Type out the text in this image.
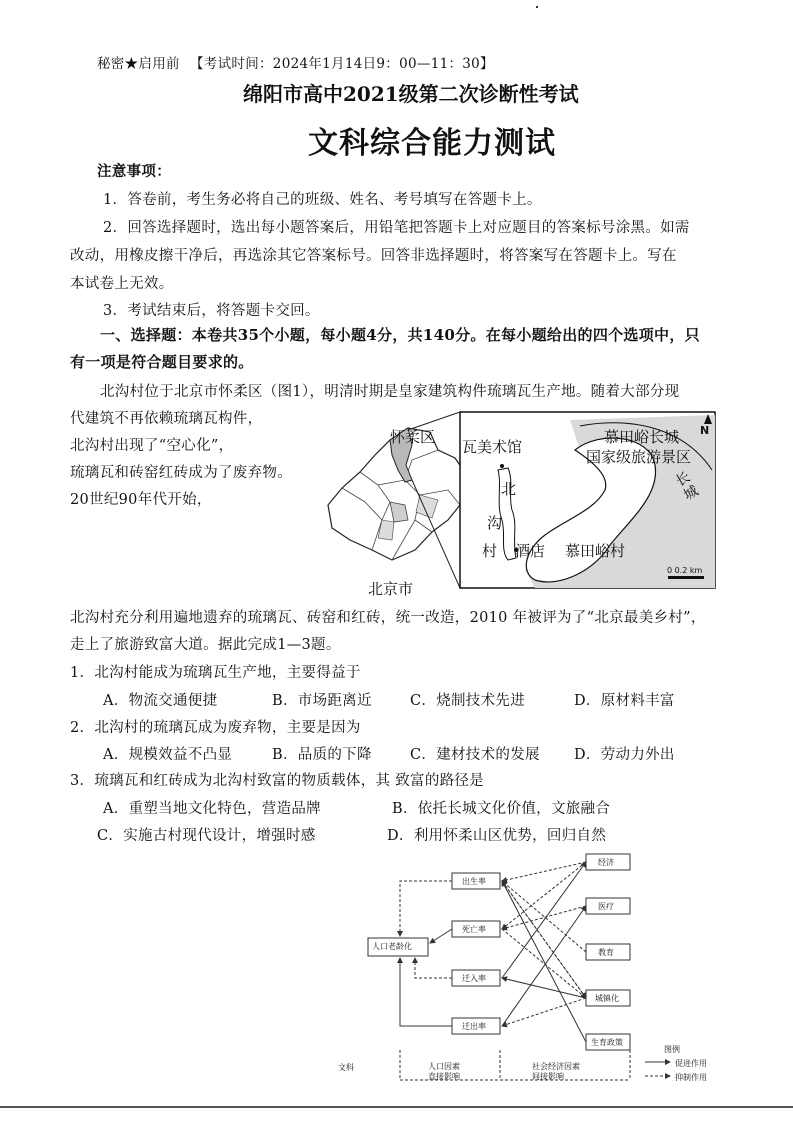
秘密★启用前 【考试时间：2024年1月14日9：00—11：30】
绵阳市高中2021级第二次诊断性考试
文科综合能力测试
注意事项：
1．答卷前，考生务必将自己的班级、姓名、考号填写在答题卡上。
2．回答选择题时，选出每小题答案后，用铅笔把答题卡上对应题目的答案标号涂黑。如需
改动，用橡皮擦干净后，再选涂其它答案标号。回答非选择题时，将答案写在答题卡上。写在
本试卷上无效。
3．考试结束后，将答题卡交回。
一、选择题：本卷共35个小题，每小题4分，共140分。在每小题给出的四个选项中，只
有一项是符合题目要求的。
北沟村位于北京市怀柔区（图1），明清时期是皇家建筑构件琉璃瓦生产地。随着大部分现
代建筑不再依赖琉璃瓦构件，
北沟村出现了“空心化”，
琉璃瓦和砖窑红砖成为了废弃物。
20世纪90年代开始，
北沟村充分利用遍地遗弃的琉璃瓦、砖窑和红砖，统一改造，2010 年被评为了“北京最美乡村”，
走上了旅游致富大道。据此完成1—3题。
怀柔区
瓦美术馆
慕田峪长城
国家级旅游景区
N
长城
北
沟
村 酒店 慕田峪村
0 0.2 km
北京市
1．北沟村能成为琉璃瓦生产地，主要得益于
A．物流交通便捷	B．市场距离近	C．烧制技术先进	D．原材料丰富
2．北沟村的琉璃瓦成为废弃物，主要是因为
A．规模效益不凸显	B．品质的下降	C．建材技术的发展 D．劳动力外出
3．琉璃瓦和红砖成为北沟村致富的物质载体，其 致富的路径是
A．重塑当地文化特色，营造品牌	B．依托长城文化价值，文旅融合
C．实施古村现代设计，增强时感	D．利用怀柔山区优势，回归自然
人口老龄化
出生率
死亡率
迁入率
迁出率
经济
医疗
教育
城镇化
生育政策
图例
促进作用
抑制作用
文科	人口因素
直接影响
社会经济因素
间接影响
